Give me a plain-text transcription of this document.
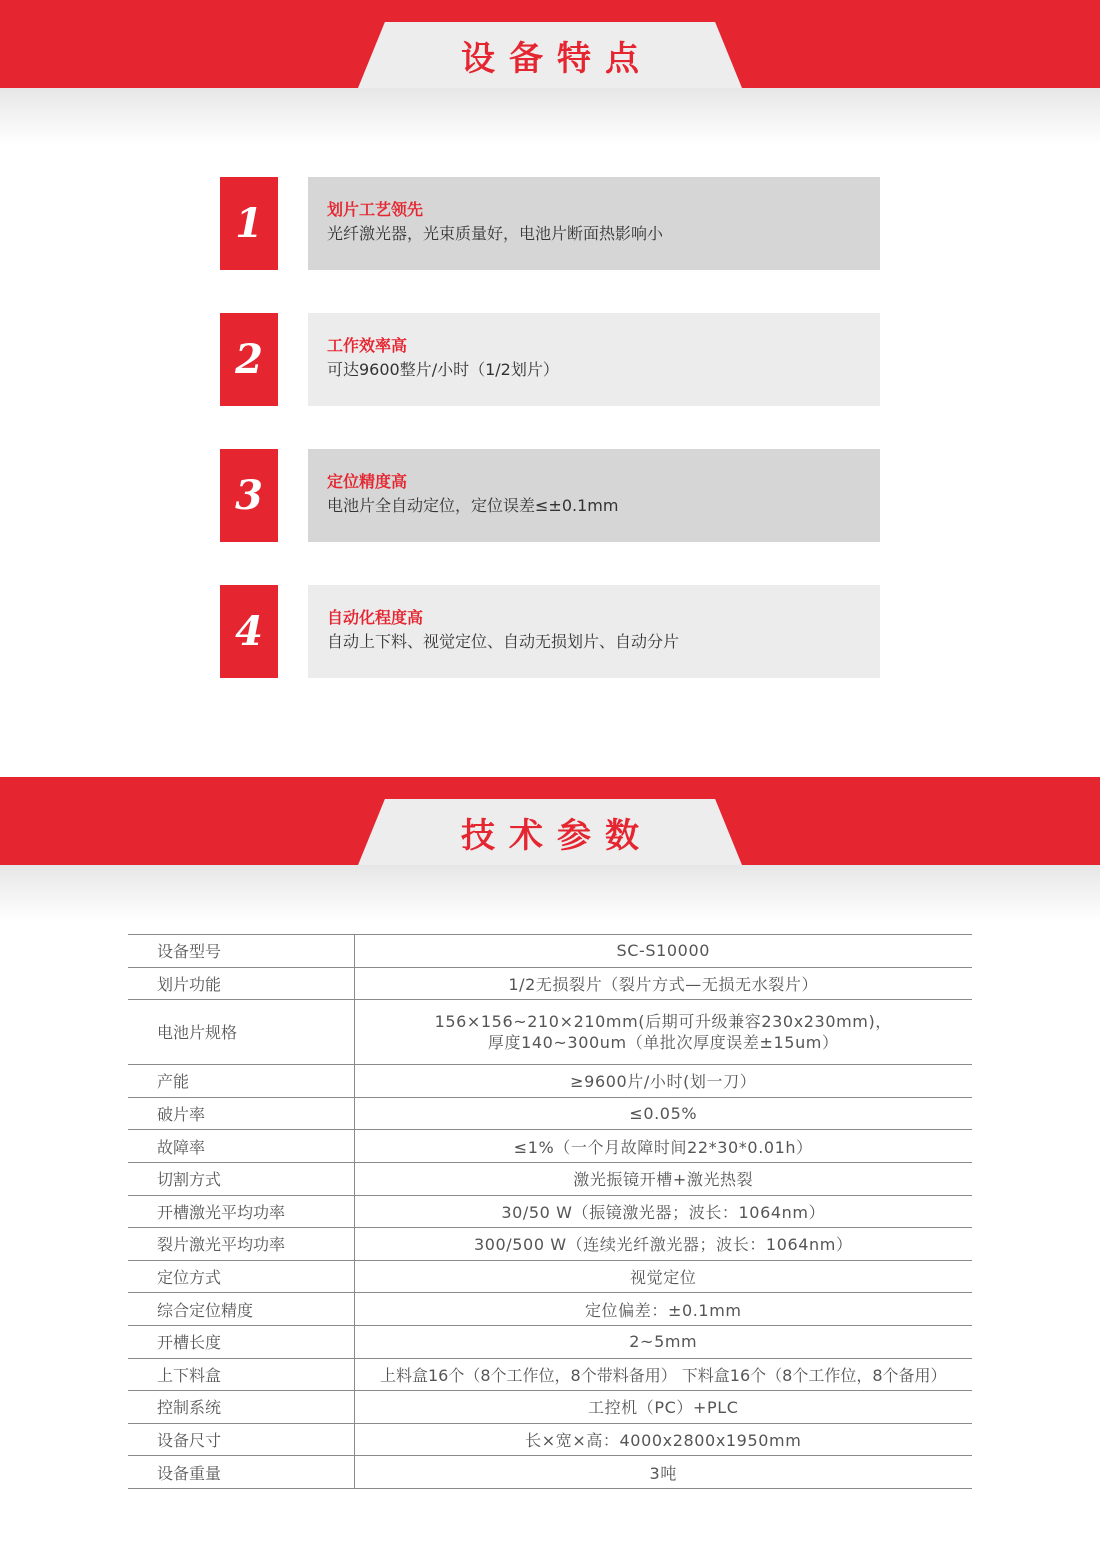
设备特点
1	划片工艺领先
光纤激光器，光束质量好，电池片断面热影响小
2	工作效率高
可达9600整片/小时（1/2划片）
3	定位精度高
电池片全自动定位，定位误差≤±0.1mm
4	自动化程度高
自动上下料、视觉定位、自动无损划片、自动分片
技术参数
设备型号	SC-S10000
划片功能	1/2无损裂片（裂片方式—无损无水裂片）
电池片规格	156×156~210×210mm(后期可升级兼容230x230mm)，
厚度140~300um（单批次厚度误差±15um）

产能	≥9600片/小时(划一刀）
破片率	≤0.05%
故障率	≤1%（一个月故障时间22*30*0.01h）
切割方式	激光振镜开槽+激光热裂
开槽激光平均功率	30/50 W（振镜激光器；波长：1064nm）
裂片激光平均功率	300/500 W（连续光纤激光器；波长：1064nm）
定位方式	视觉定位
综合定位精度	定位偏差：±0.1mm
开槽长度	2~5mm
上下料盒	上料盒16个（8个工作位，8个带料备用） 下料盒16个（8个工作位，8个备用）
控制系统	工控机（PC）+PLC
设备尺寸	长×宽×高：4000x2800x1950mm
设备重量	3吨
